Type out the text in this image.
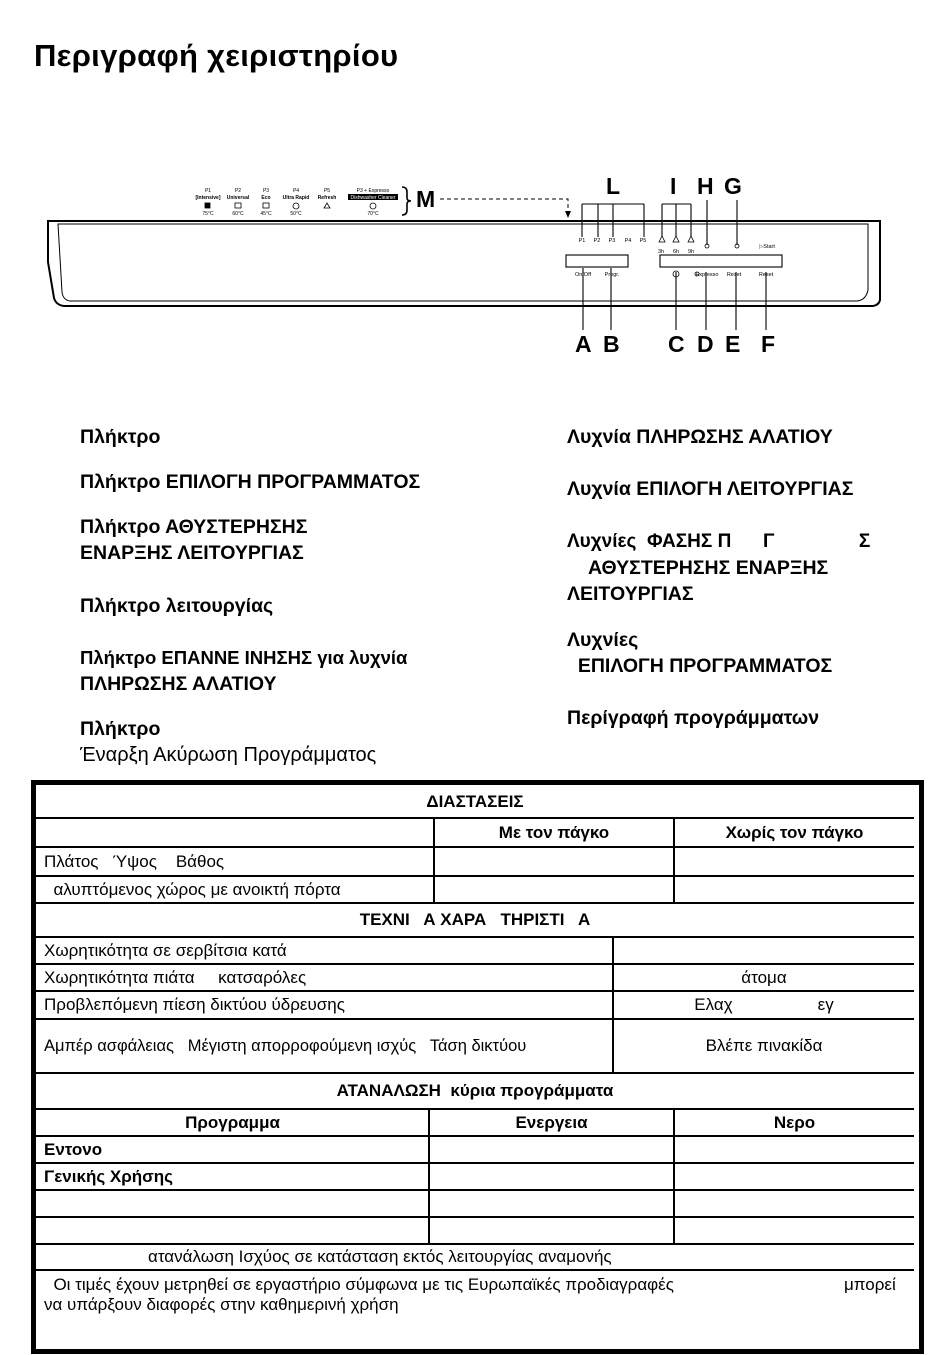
Περιγραφή χειριστηρίου
L I H G
M
A B C D E F
P1
[Intensive]
75°C
P2
Universal
60°C
P3
Eco
45°C
P4
Ultra Rapid
50°C
P5
Refresh
P3 + Expresso
Dishwasher Cleaner
70°C
P1 P2 P3 P4 P5
3h 6h 9h
▷Start
On/Off Progr.	Expresso Reset	Reset
Πλήκτρο
Πλήκτρο ΕΠΙΛΟΓΗ ΠΡΟΓΡΑΜΜΑΤΟΣ
Πλήκτρο ΑΘΥΣΤΕΡΗΣΗΣ
ΕΝΑΡΞΗΣ ΛΕΙΤΟΥΡΓΙΑΣ
Πλήκτρο λειτουργίας
Πλήκτρο ΕΠΑΝΝΕ ΙΝΗΣΗΣ για λυχνία
ΠΛΗΡΩΣΗΣ ΑΛΑΤΙΟΥ
Πλήκτρο
Έναρξη Ακύρωση Προγράμματος
Λυχνία ΠΛΗΡΩΣΗΣ ΑΛΑΤΙΟΥ
Λυχνία ΕΠΙΛΟΓΗ ΛΕΙΤΟΥΡΓΙΑΣ
Λυχνίες  ΦΑΣΗΣ Π      Γ                Σ
ΑΘΥΣΤΕΡΗΣΗΣ ΕΝΑΡΞΗΣ
ΛΕΙΤΟΥΡΓΙΑΣ
Λυχνίες
ΕΠΙΛΟΓΗ ΠΡΟΓΡΑΜΜΑΤΟΣ
Περίγραφή προγράμματων
ΔΙΑΣΤΑΣΕΙΣ
Με τον πάγκο	Χωρίς τον πάγκο
Πλάτος   Ύψος    Βάθος
αλυπτόμενος χώρος με ανοικτή πόρτα
ΤΕΧΝΙ   Α ΧΑΡΑ   ΤΗΡΙΣΤΙ   Α
Χωρητικότητα σε σερβίτσια κατά
Χωρητικότητα πιάτα     κατσαρόλες	άτομα
Προβλεπόμενη πίεση δικτύου ύδρευσης	Ελαχ                  εγ
Αμπέρ ασφάλειας   Μέγιστη απορροφούμενη ισχύς   Τάση δικτύου	Βλέπε πινακίδα
ΑΤΑΝΑΛΩΣΗ  κύρια προγράμματα
Προγραμμα	Ενεργεια	Νερο
Εντονο
Γενικής Χρήσης
ατανάλωση Ισχύος σε κατάσταση εκτός λειτουργίας αναμονής
Οι τιμές έχουν μετρηθεί σε εργαστήριο σύμφωνα με τις Ευρωπαϊκές προδιαγραφές	μπορεί
να υπάρξουν διαφορές στην καθημερινή χρήση
